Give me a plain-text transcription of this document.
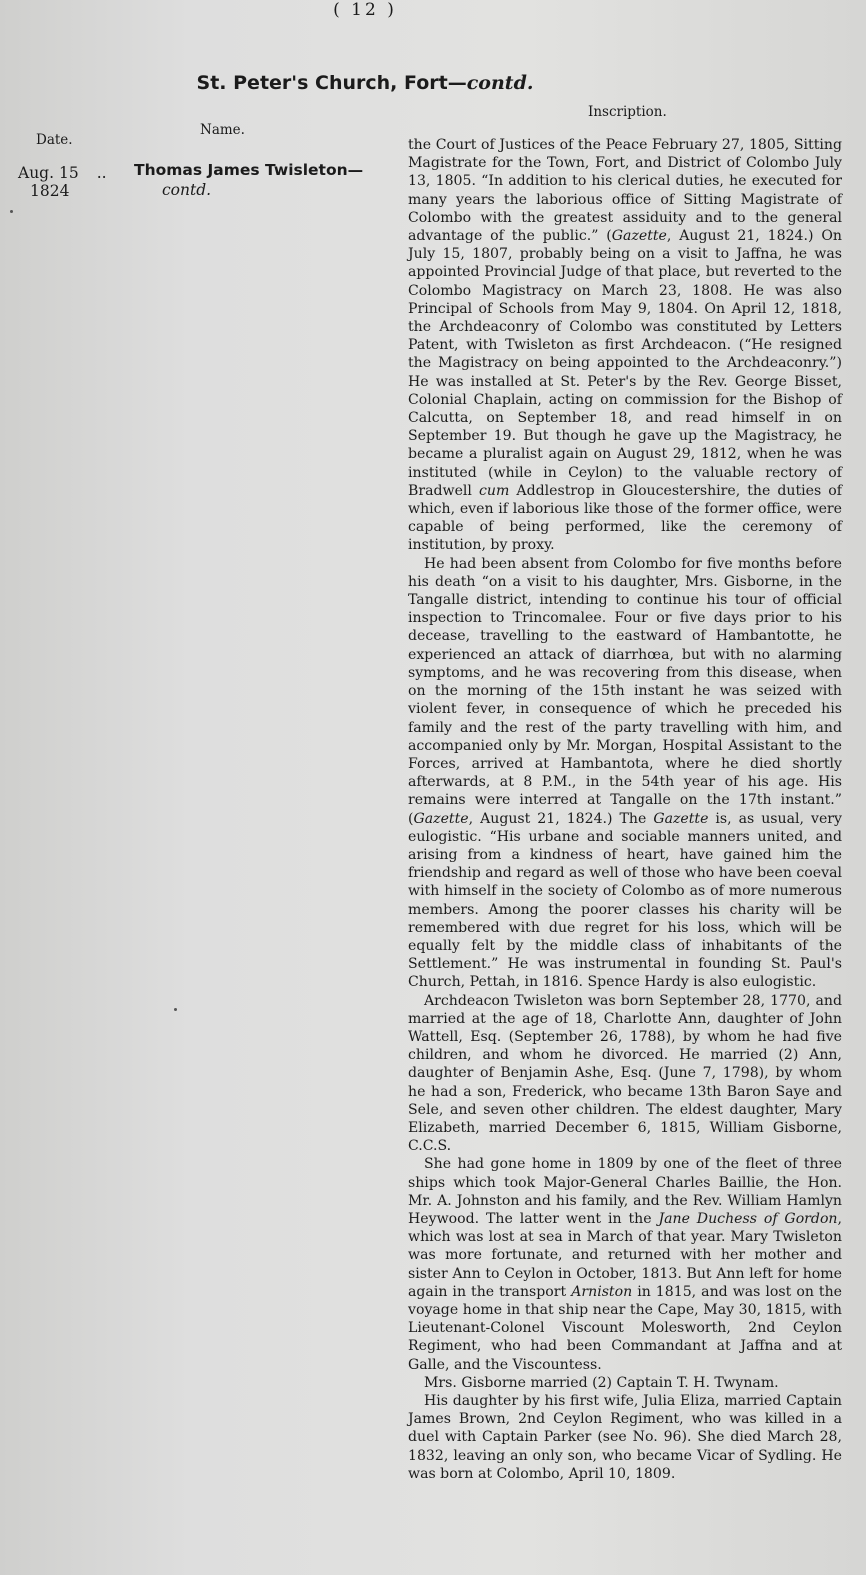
( 12 )
St. Peter's Church, Fort—contd.
Date.
Name.
Inscription.
Aug. 15 ..
1824
Thomas James Twisleton—
contd.

the Court of Justices of the Peace February 27, 1805, Sitting Magistrate for the Town, Fort, and District of Colombo July 13, 1805. “In addition to his clerical duties, he executed for many years the laborious office of Sitting Magistrate of Colombo with the greatest assiduity and to the general advantage of the public.” (Gazette, August 21, 1824.) On July 15, 1807, probably being on a visit to Jaffna, he was appointed Provincial Judge of that place, but reverted to the Colombo Magistracy on March 23, 1808. He was also Principal of Schools from May 9, 1804. On April 12, 1818, the Archdeaconry of Colombo was constituted by Letters Patent, with Twisleton as first Archdeacon. (“He resigned the Magistracy on being appointed to the Archdeaconry.”) He was installed at St. Peter's by the Rev. George Bisset, Colonial Chaplain, acting on commission for the Bishop of Calcutta, on September 18, and read himself in on September 19. But though he gave up the Magistracy, he became a pluralist again on August 29, 1812, when he was instituted (while in Ceylon) to the valuable rectory of Bradwell cum Addlestrop in Gloucestershire, the duties of which, even if laborious like those of the former office, were capable of being performed, like the ceremony of institution, by proxy.

He had been absent from Colombo for five months before his death “on a visit to his daughter, Mrs. Gisborne, in the Tangalle district, intending to continue his tour of official inspection to Trincomalee. Four or five days prior to his decease, travelling to the eastward of Hambantotte, he experienced an attack of diarrhœa, but with no alarming symptoms, and he was recovering from this disease, when on the morning of the 15th instant he was seized with violent fever, in consequence of which he preceded his family and the rest of the party travelling with him, and accompanied only by Mr. Morgan, Hospital Assistant to the Forces, arrived at Hambantota, where he died shortly afterwards, at 8 P.M., in the 54th year of his age. His remains were interred at Tangalle on the 17th instant.” (Gazette, August 21, 1824.) The Gazette is, as usual, very eulogistic. “His urbane and sociable manners united, and arising from a kindness of heart, have gained him the friendship and regard as well of those who have been coeval with himself in the society of Colombo as of more numerous members. Among the poorer classes his charity will be remembered with due regret for his loss, which will be equally felt by the middle class of inhabitants of the Settlement.” He was instrumental in founding St. Paul's Church, Pettah, in 1816. Spence Hardy is also eulogistic.

Archdeacon Twisleton was born September 28, 1770, and married at the age of 18, Charlotte Ann, daughter of John Wattell, Esq. (September 26, 1788), by whom he had five children, and whom he divorced. He married (2) Ann, daughter of Benjamin Ashe, Esq. (June 7, 1798), by whom he had a son, Frederick, who became 13th Baron Saye and Sele, and seven other children. The eldest daughter, Mary Elizabeth, married December 6, 1815, William Gisborne, C.C.S.

She had gone home in 1809 by one of the fleet of three ships which took Major-General Charles Baillie, the Hon. Mr. A. Johnston and his family, and the Rev. William Hamlyn Heywood. The latter went in the Jane Duchess of Gordon, which was lost at sea in March of that year. Mary Twisleton was more fortunate, and returned with her mother and sister Ann to Ceylon in October, 1813. But Ann left for home again in the transport Arniston in 1815, and was lost on the voyage home in that ship near the Cape, May 30, 1815, with Lieutenant-Colonel Viscount Molesworth, 2nd Ceylon Regiment, who had been Commandant at Jaffna and at Galle, and the Viscountess.

Mrs. Gisborne married (2) Captain T. H. Twynam.

His daughter by his first wife, Julia Eliza, married Captain James Brown, 2nd Ceylon Regiment, who was killed in a duel with Captain Parker (see No. 96). She died March 28, 1832, leaving an only son, who became Vicar of Sydling. He was born at Colombo, April 10, 1809.
